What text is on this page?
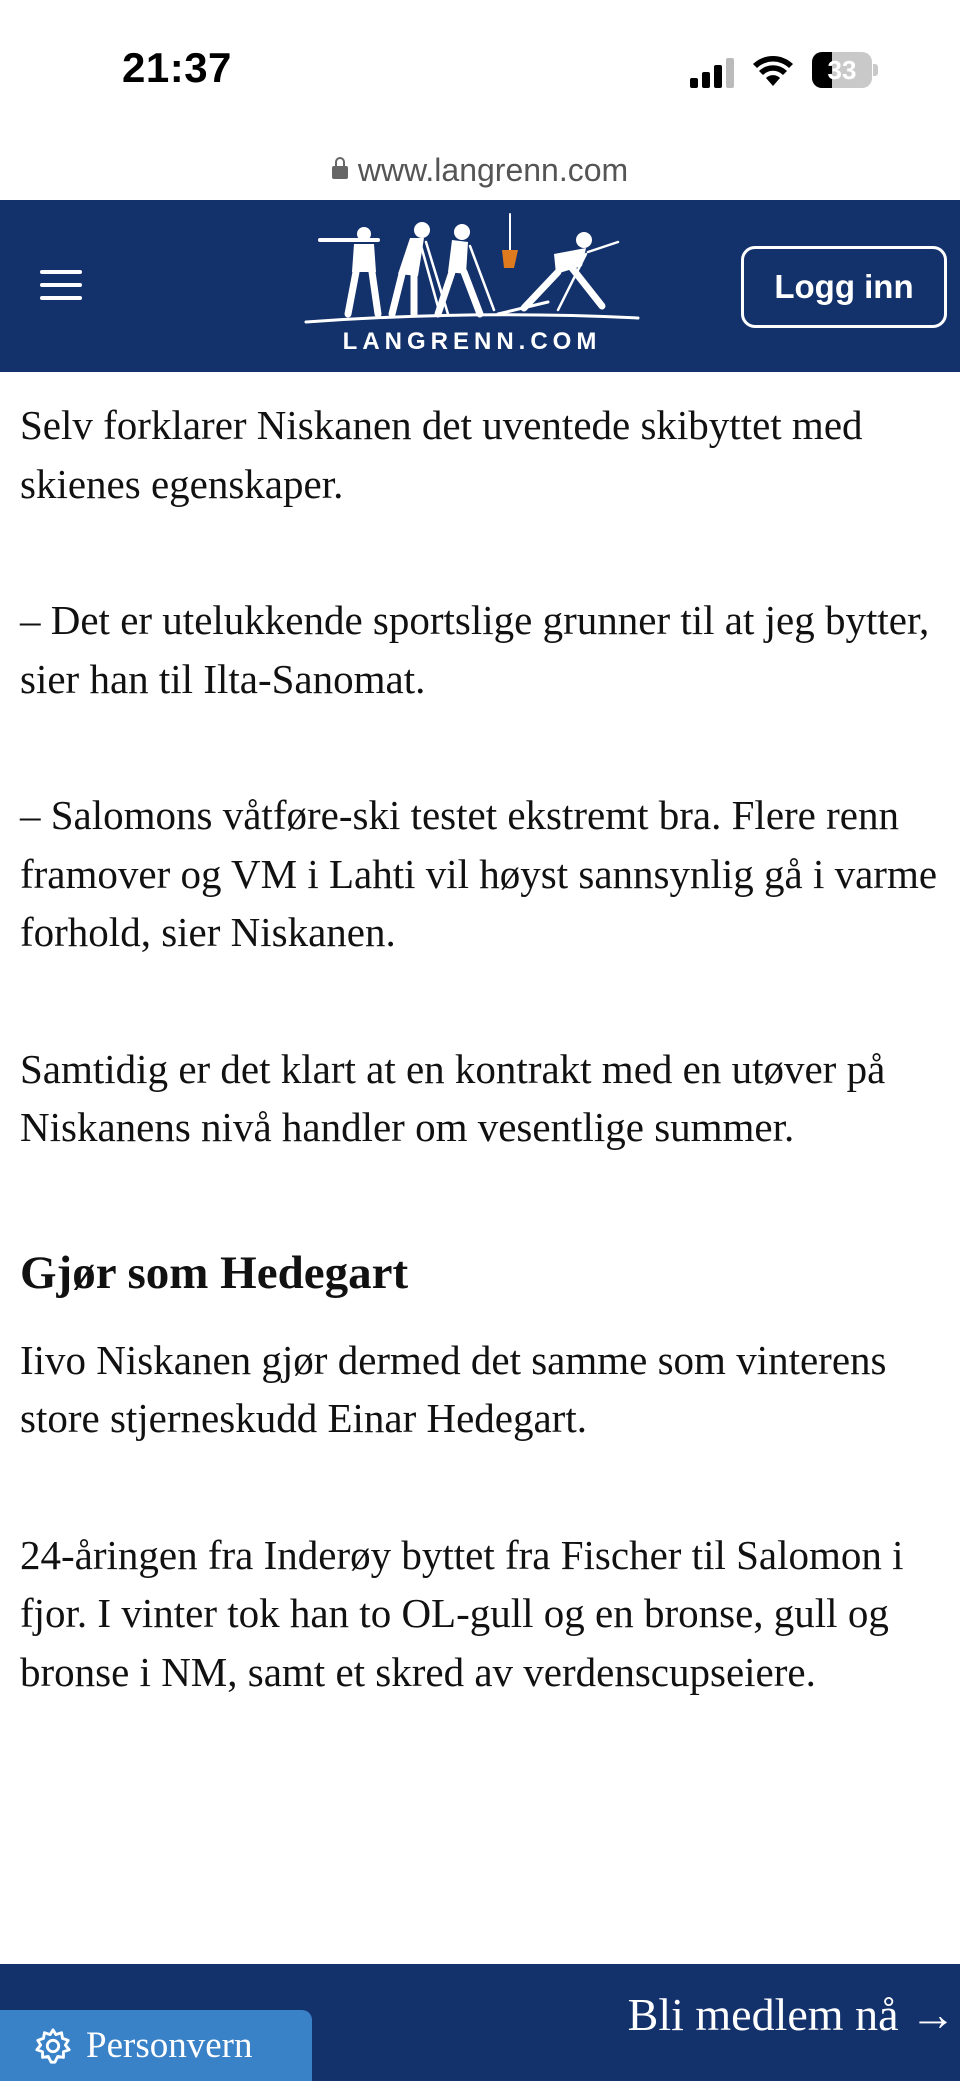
21:37	33
www.langrenn.com
LANGRENN.COM
Logg inn

Selv forklarer Niskanen det uventede skibyttet med skienes egenskaper.

– Det er utelukkende sportslige grunner til at jeg bytter, sier han til Ilta-Sanomat.

– Salomons våtføre-ski testet ekstremt bra. Flere renn framover og VM i Lahti vil høyst sannsynlig gå i varme forhold, sier Niskanen.

Samtidig er det klart at en kontrakt med en utøver på Niskanens nivå handler om vesentlige summer.

Gjør som Hedegart

Iivo Niskanen gjør dermed det samme som vinterens store stjerneskudd Einar Hedegart.

24-åringen fra Inderøy byttet fra Fischer til Salomon i fjor. I vinter tok han to OL-gull og en bronse, gull og bronse i NM, samt et skred av verdenscupseiere.

Bli medlem nå →
Personvern
